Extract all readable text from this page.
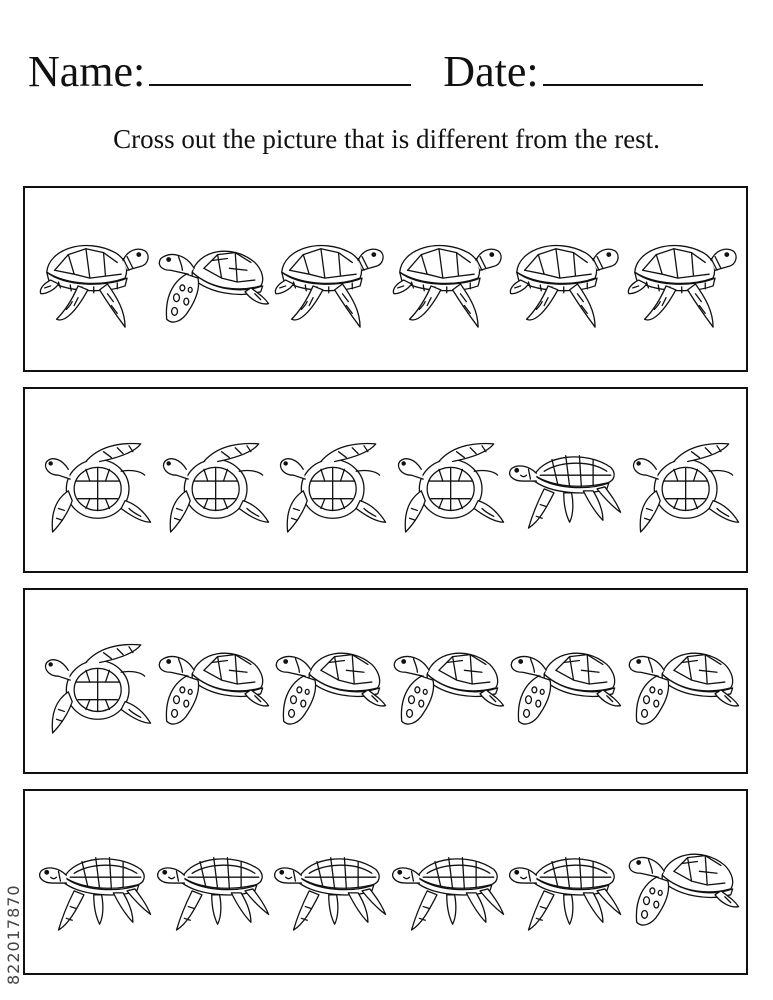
Name:	Date:
Cross out the picture that is different from the rest.
822017870
